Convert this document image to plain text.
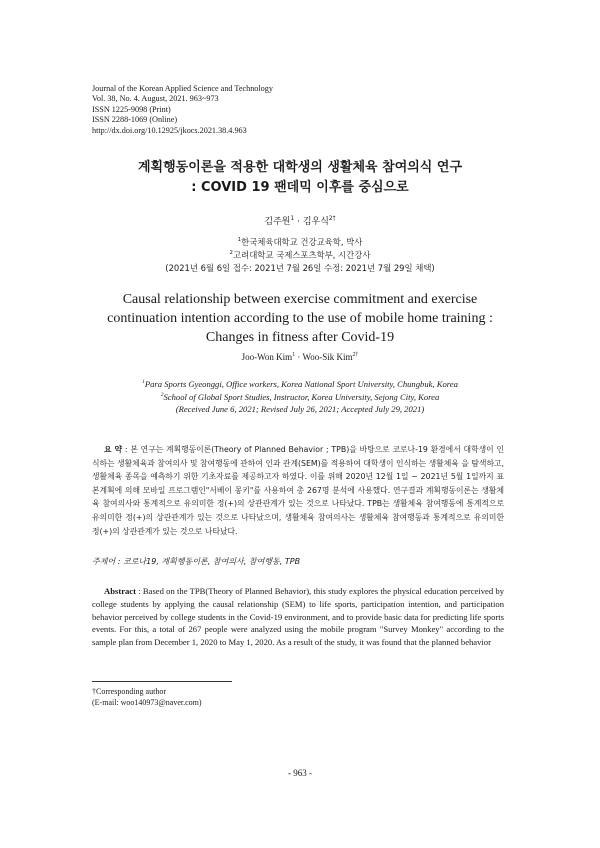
Journal of the Korean Applied Science and Technology
Vol. 38, No. 4. August, 2021. 963~973
ISSN 1225-9098 (Print)
ISSN 2288-1069 (Online)
http://dx.doi.org/10.12925/jkocs.2021.38.4.963
계획행동이론을 적용한 대학생의 생활체육 참여의식 연구
: COVID 19 팬데믹 이후를 중심으로
김주원$^1$ · 김우식$^{2\dagger}$
$^1$한국체육대학교 건강교육학, 박사
$^2$고려대학교 국제스포츠학부, 시간강사
(2021년 6월 6일 접수: 2021년 7월 26일 수정: 2021년 7월 29일 채택)
Causal relationship between exercise commitment and exercise
continuation intention according to the use of mobile home training :
Changes in fitness after Covid-19
Joo-Won Kim$^1$ · Woo-Sik Kim$^{2\dagger}$
$^1$Para Sports Gyeonggi, Office workers, Korea National Sport University, Chungbuk, Korea
$^2$School of Global Sport Studies, Instructor, Korea University, Sejong City, Korea
(Received June 6, 2021; Revised July 26, 2021; Accepted July 29, 2021)
요 약 : 본 연구는 계획행동이론(Theory of Planned Behavior ; TPB)을 바탕으로 코로나-19 환경에서 대학생이 인식하는 생활체육과 참여의사 및 참여행동에 관하여 인과 관계(SEM)를 적용하여 대학생이 인식하는 생활체육 을 탐색하고, 생활체육 종목을 예측하기 위한 기초자료를 제공하고자 하였다. 이를 위해 2020년 12월 1일 ~ 2021년 5월 1일까지 표본계획에 의해 모바일 프로그램인"서베이 몽키"를 사용하여 총 267명 분석에 사용했다. 연구결과 계획행동이론는 생활체육 참여의사와 통계적으로 유의미한 정(+)의 상관관계가 있는 것으로 나타났다. TPB는 생활체육 참여행동에 통계적으로 유의미한 정(+)의 상관관계가 있는 것으로 나타났으며, 생활체육 참여의사는 생활체육 참여행동과 통계적으로 유의미한 정(+)의 상관관계가 있는 것으로 나타났다.
주제어 : 코로나19, 계획행동이론, 참여의사, 참여행동, TPB
Abstract : Based on the TPB(Theory of Planned Behavior), this study explores the physical education perceived by college students by applying the causal relationship (SEM) to life sports, participation intention, and participation behavior perceived by college students in the Covid-19 environment, and to provide basic data for predicting life sports events. For this, a total of 267 people were analyzed using the mobile program "Survey Monkey" according to the sample plan from December 1, 2020 to May 1, 2020. As a result of the study, it was found that the planned behavior
†Corresponding author
(E-mail: woo140973@naver.com)
- 963 -
